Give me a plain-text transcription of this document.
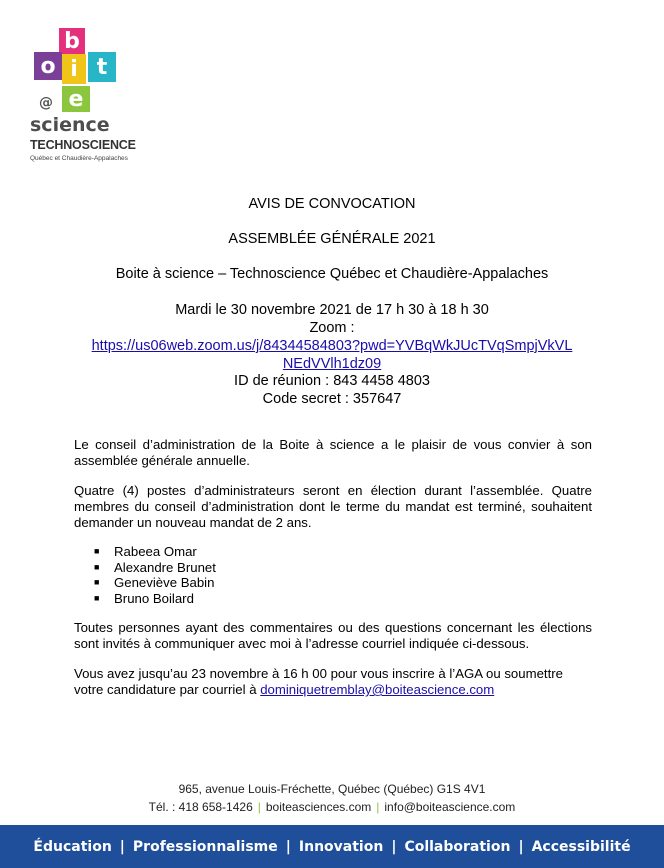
b
o i t
e
@
science
TECHNOSCIENCE
Québec et Chaudière-Appalaches
AVIS DE CONVOCATION
ASSEMBLÉE GÉNÉRALE 2021
Boite à science – Technoscience Québec et Chaudière-Appalaches
Mardi le 30 novembre 2021 de 17 h 30 à 18 h 30
Zoom :
https://us06web.zoom.us/j/84344584803?pwd=YVBqWkJUcTVqSmpjVkVL
NEdVVlh1dz09
ID de réunion : 843 4458 4803
Code secret : 357647
Le conseil d’administration de la Boite à science a le plaisir de vous convier à son assemblée générale annuelle.
Quatre (4) postes d’administrateurs seront en élection durant l’assemblée. Quatre membres du conseil d’administration dont le terme du mandat est terminé, souhaitent demander un nouveau mandat de 2 ans.
■ Rabeea Omar
■ Alexandre Brunet
■ Geneviève Babin
■ Bruno Boilard
Toutes personnes ayant des commentaires ou des questions concernant les élections sont invités à communiquer avec moi à l’adresse courriel indiquée ci-dessous.
Vous avez jusqu’au 23 novembre à 16 h 00 pour vous inscrire à l’AGA ou soumettre votre candidature par courriel à dominiquetremblay@boiteascience.com
965, avenue Louis-Fréchette, Québec (Québec) G1S 4V1
Tél. : 418 658-1426 | boiteasciences.com | info@boiteascience.com
Éducation | Professionnalisme | Innovation | Collaboration | Accessibilité
